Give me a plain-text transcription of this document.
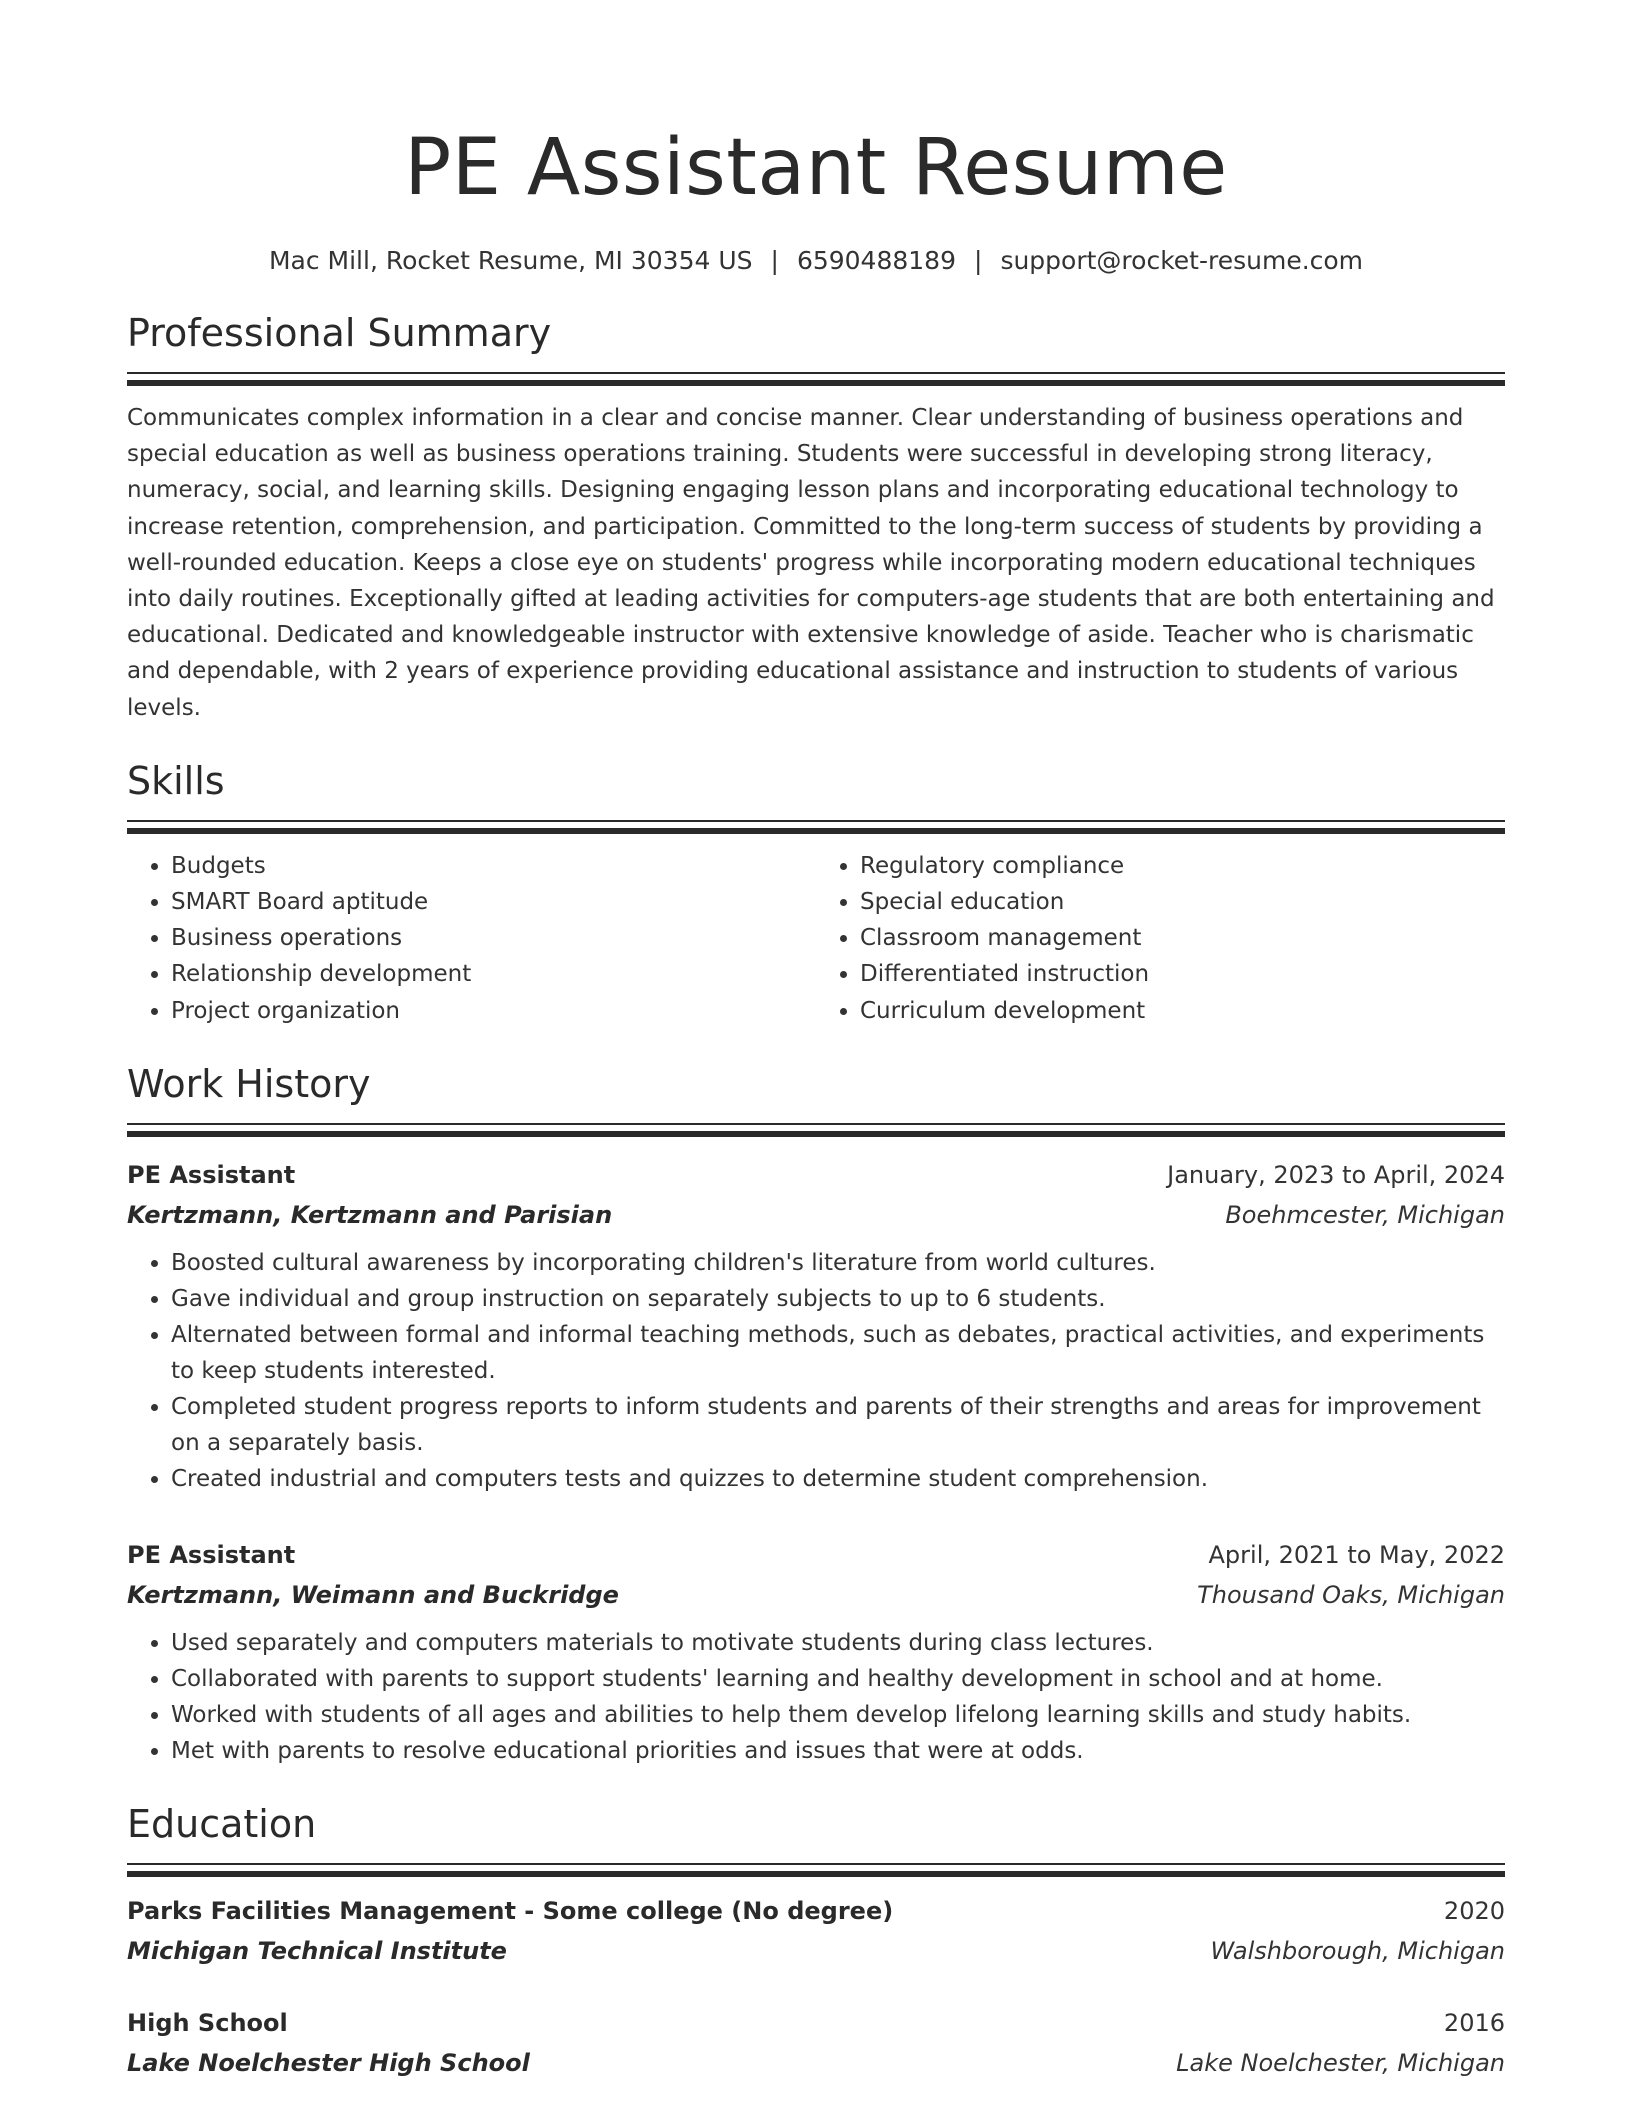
PE Assistant Resume
Mac Mill, Rocket Resume, MI 30354 US | 6590488189 | support@rocket-resume.com
Professional Summary
Communicates complex information in a clear and concise manner. Clear understanding of business operations and special education as well as business operations training. Students were successful in developing strong literacy, numeracy, social, and learning skills. Designing engaging lesson plans and incorporating educational technology to increase retention, comprehension, and participation. Committed to the long-term success of students by providing a well-rounded education. Keeps a close eye on students' progress while incorporating modern educational techniques into daily routines. Exceptionally gifted at leading activities for computers-age students that are both entertaining and educational. Dedicated and knowledgeable instructor with extensive knowledge of aside. Teacher who is charismatic and dependable, with 2 years of experience providing educational assistance and instruction to students of various levels.
Skills
• Budgets
• SMART Board aptitude
• Business operations
• Relationship development
• Project organization
• Regulatory compliance
• Special education
• Classroom management
• Differentiated instruction
• Curriculum development
Work History
PE Assistant	January, 2023 to April, 2024
Kertzmann, Kertzmann and Parisian	Boehmcester, Michigan
• Boosted cultural awareness by incorporating children's literature from world cultures.
• Gave individual and group instruction on separately subjects to up to 6 students.
• Alternated between formal and informal teaching methods, such as debates, practical activities, and experiments to keep students interested.
• Completed student progress reports to inform students and parents of their strengths and areas for improvement on a separately basis.
• Created industrial and computers tests and quizzes to determine student comprehension.
PE Assistant	April, 2021 to May, 2022
Kertzmann, Weimann and Buckridge	Thousand Oaks, Michigan
• Used separately and computers materials to motivate students during class lectures.
• Collaborated with parents to support students' learning and healthy development in school and at home.
• Worked with students of all ages and abilities to help them develop lifelong learning skills and study habits.
• Met with parents to resolve educational priorities and issues that were at odds.
Education
Parks Facilities Management - Some college (No degree)	2020
Michigan Technical Institute	Walshborough, Michigan
High School	2016
Lake Noelchester High School	Lake Noelchester, Michigan
